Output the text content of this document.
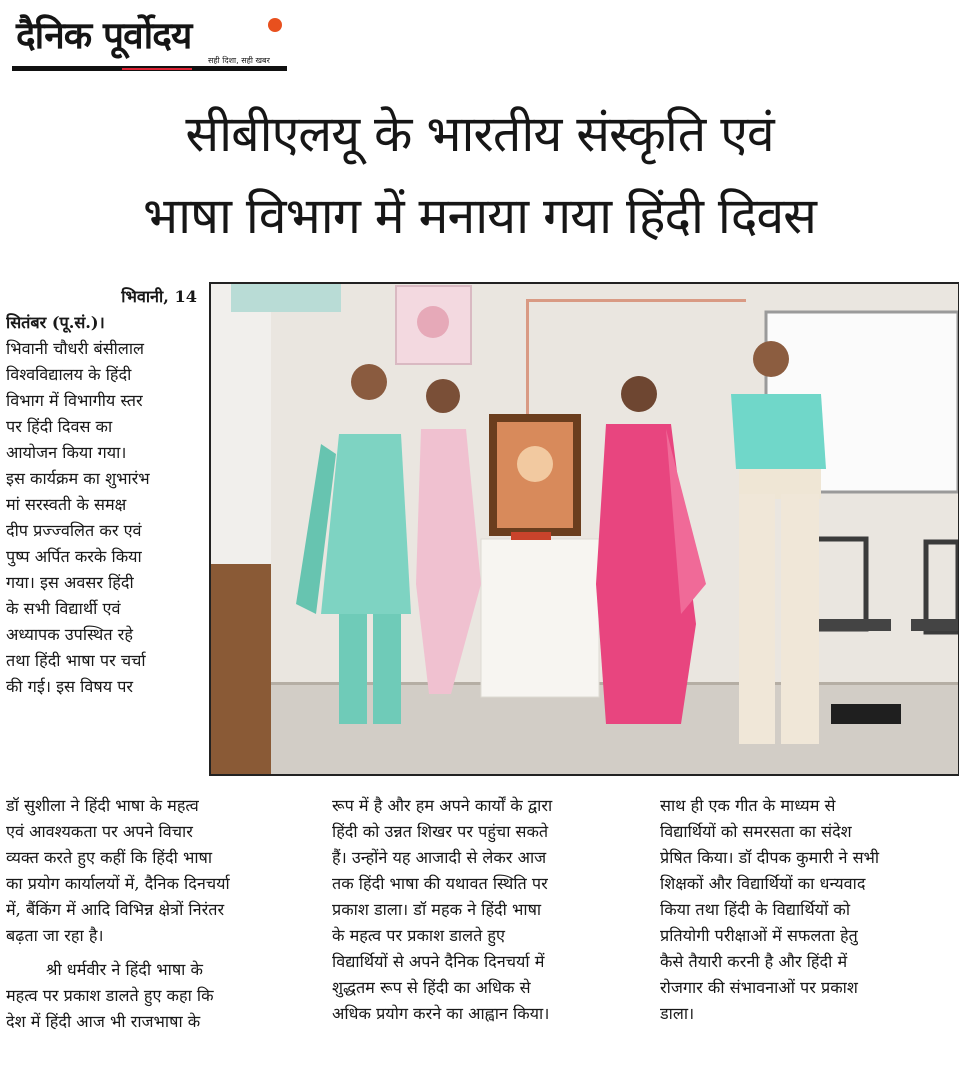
दैनिक पूर्वोदय
सही दिशा, सही खबर
सीबीएलयू के भारतीय संस्कृति एवं
भाषा विभाग में मनाया गया हिंदी दिवस
भिवानी, 14
सितंबर (पू.सं.)।
भिवानी चौधरी बंसीलाल
विश्वविद्यालय के हिंदी
विभाग में विभागीय स्तर
पर हिंदी दिवस का
आयोजन किया गया।
इस कार्यक्रम का शुभारंभ
मां सरस्वती के समक्ष
दीप प्रज्ज्वलित कर एवं
पुष्प अर्पित करके किया
गया। इस अवसर हिंदी
के सभी विद्यार्थी एवं
अध्यापक उपस्थित रहे
तथा हिंदी भाषा पर चर्चा
की गई। इस विषय पर
डॉ सुशीला ने हिंदी भाषा के महत्व
एवं आवश्यकता पर अपने विचार
व्यक्त करते हुए कहीं कि हिंदी भाषा
का प्रयोग कार्यालयों में, दैनिक दिनचर्या
में, बैंकिंग में आदि विभिन्न क्षेत्रों निरंतर
बढ़ता जा रहा है।
श्री धर्मवीर ने हिंदी भाषा के
महत्व पर प्रकाश डालते हुए कहा कि
देश में हिंदी आज भी राजभाषा के
रूप में है और हम अपने कार्यों के द्वारा
हिंदी को उन्नत शिखर पर पहुंचा सकते
हैं। उन्होंने यह आजादी से लेकर आज
तक हिंदी भाषा की यथावत स्थिति पर
प्रकाश डाला। डॉ महक ने हिंदी भाषा
के महत्व पर प्रकाश डालते हुए
विद्यार्थियों से अपने दैनिक दिनचर्या में
शुद्धतम रूप से हिंदी का अधिक से
अधिक प्रयोग करने का आह्वान किया।
साथ ही एक गीत के माध्यम से
विद्यार्थियों को समरसता का संदेश
प्रेषित किया। डॉ दीपक कुमारी ने सभी
शिक्षकों और विद्यार्थियों का धन्यवाद
किया तथा हिंदी के विद्यार्थियों को
प्रतियोगी परीक्षाओं में सफलता हेतु
कैसे तैयारी करनी है और हिंदी में
रोजगार की संभावनाओं पर प्रकाश
डाला।
